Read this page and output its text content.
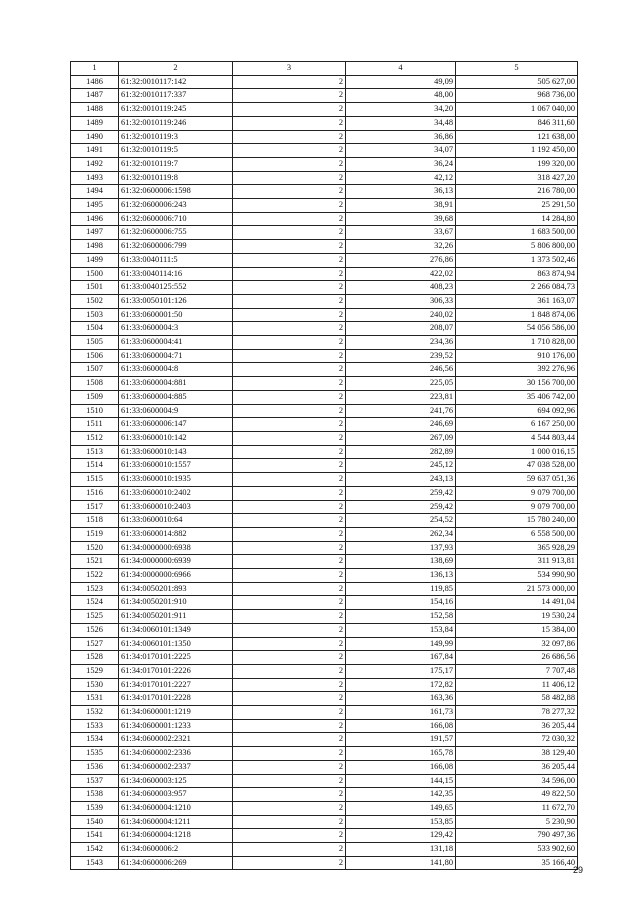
1	2	3	4	5
1486	61:32:0010117:142	2	49,09	505 627,00
1487	61:32:0010117:337	2	48,00	968 736,00
1488	61:32:0010119:245	2	34,20	1 067 040,00
1489	61:32:0010119:246	2	34,48	846 311,60
1490	61:32:0010119:3	2	36,86	121 638,00
1491	61:32:0010119:5	2	34,07	1 192 450,00
1492	61:32:0010119:7	2	36,24	199 320,00
1493	61:32:0010119:8	2	42,12	318 427,20
1494	61:32:0600006:1598	2	36,13	216 780,00
1495	61:32:0600006:243	2	38,91	25 291,50
1496	61:32:0600006:710	2	39,68	14 284,80
1497	61:32:0600006:755	2	33,67	1 683 500,00
1498	61:32:0600006:799	2	32,26	5 806 800,00
1499	61:33:0040111:5	2	276,86	1 373 502,46
1500	61:33:0040114:16	2	422,02	863 874,94
1501	61:33:0040125:552	2	408,23	2 266 084,73
1502	61:33:0050101:126	2	306,33	361 163,07
1503	61:33:0600001:50	2	240,02	1 848 874,06
1504	61:33:0600004:3	2	208,07	54 056 586,00
1505	61:33:0600004:41	2	234,36	1 710 828,00
1506	61:33:0600004:71	2	239,52	910 176,00
1507	61:33:0600004:8	2	246,56	392 276,96
1508	61:33:0600004:881	2	225,05	30 156 700,00
1509	61:33:0600004:885	2	223,81	35 406 742,00
1510	61:33:0600004:9	2	241,76	694 092,96
1511	61:33:0600006:147	2	246,69	6 167 250,00
1512	61:33:0600010:142	2	267,09	4 544 803,44
1513	61:33:0600010:143	2	282,89	1 000 016,15
1514	61:33:0600010:1557	2	245,12	47 038 528,00
1515	61:33:0600010:1935	2	243,13	59 637 051,36
1516	61:33:0600010:2402	2	259,42	9 079 700,00
1517	61:33:0600010:2403	2	259,42	9 079 700,00
1518	61:33:0600010:64	2	254,52	15 780 240,00
1519	61:33:0600014:882	2	262,34	6 558 500,00
1520	61:34:0000000:6938	2	137,93	365 928,29
1521	61:34:0000000:6939	2	138,69	311 913,81
1522	61:34:0000000:6966	2	136,13	534 990,90
1523	61:34:0050201:893	2	119,85	21 573 000,00
1524	61:34:0050201:910	2	154,16	14 491,04
1525	61:34:0050201:911	2	152,58	19 530,24
1526	61:34:0060101:1349	2	153,84	15 384,00
1527	61:34:0060101:1350	2	149,99	32 097,86
1528	61:34:0170101:2225	2	167,84	26 686,56
1529	61:34:0170101:2226	2	175,17	7 707,48
1530	61:34:0170101:2227	2	172,82	11 406,12
1531	61:34:0170101:2228	2	163,36	58 482,88
1532	61:34:0600001:1219	2	161,73	78 277,32
1533	61:34:0600001:1233	2	166,08	36 205,44
1534	61:34:0600002:2321	2	191,57	72 030,32
1535	61:34:0600002:2336	2	165,78	38 129,40
1536	61:34:0600002:2337	2	166,08	36 205,44
1537	61:34:0600003:125	2	144,15	34 596,00
1538	61:34:0600003:957	2	142,35	49 822,50
1539	61:34:0600004:1210	2	149,65	11 672,70
1540	61:34:0600004:1211	2	153,85	5 230,90
1541	61:34:0600004:1218	2	129,42	790 497,36
1542	61:34:0600006:2	2	131,18	533 902,60
1543	61:34:0600006:269	2	141,80	35 166,40
29
